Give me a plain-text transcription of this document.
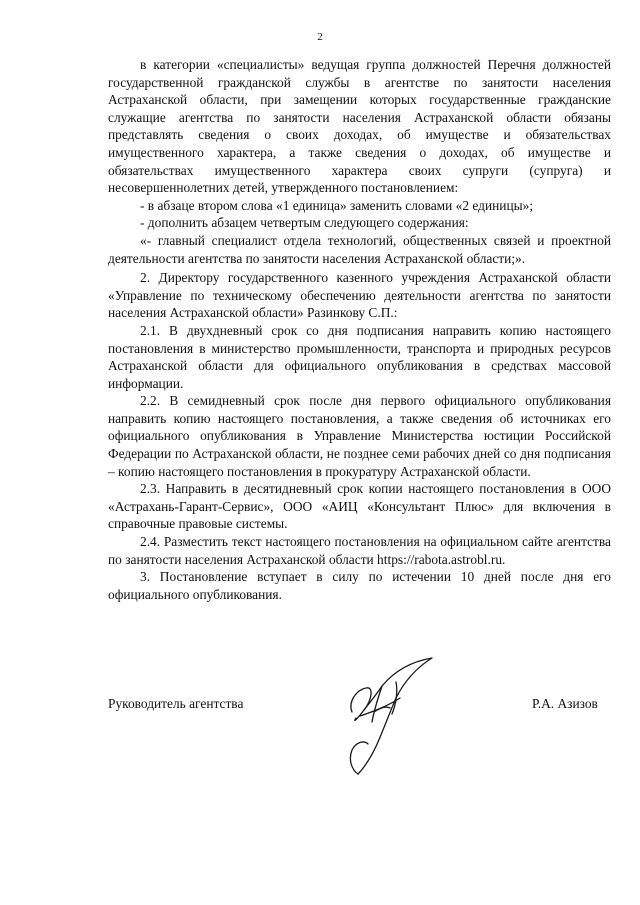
2

в категории «специалисты» ведущая группа должностей Перечня должностей государственной гражданской службы в агентстве по занятости населения Астраханской области, при замещении которых государственные гражданские служащие агентства по занятости населения Астраханской области обязаны представлять сведения о своих доходах, об имуществе и обязательствах имущественного характера, а также сведения о доходах, об имуществе и обязательствах имущественного характера своих супруги (супруга) и несовершеннолетних детей, утвержденного постановлением:

- в абзаце втором слова «1 единица» заменить словами «2 единицы»;

- дополнить абзацем четвертым следующего содержания:

«- главный специалист отдела технологий, общественных связей и проектной деятельности агентства по занятости населения Астраханской области;».

2. Директору государственного казенного учреждения Астраханской области «Управление по техническому обеспечению деятельности агентства по занятости населения Астраханской области» Разинкову С.П.:

2.1. В двухдневный срок со дня подписания направить копию настоящего постановления в министерство промышленности, транспорта и природных ресурсов Астраханской области для официального опубликования в средствах массовой информации.

2.2. В семидневный срок после дня первого официального опубликования направить копию настоящего постановления, а также сведения об источниках его официального опубликования в Управление Министерства юстиции Российской Федерации по Астраханской области, не позднее семи рабочих дней со дня подписания – копию настоящего постановления в прокуратуру Астраханской области.

2.3. Направить в десятидневный срок копии настоящего постановления в ООО «Астрахань-Гарант-Сервис», ООО «АИЦ «Консультант Плюс» для включения в справочные правовые системы.

2.4. Разместить текст настоящего постановления на официальном сайте агентства по занятости населения Астраханской области https://rabota.astrobl.ru.

3. Постановление вступает в силу по истечении 10 дней после дня его официального опубликования.

Руководитель агентства	Р.А. Азизов
